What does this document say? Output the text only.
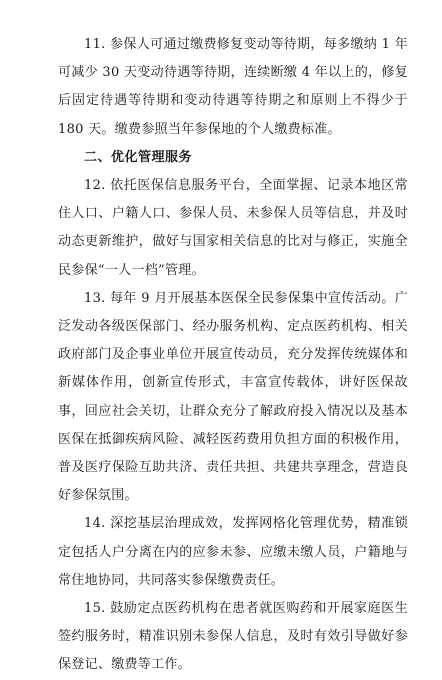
11. 参保人可通过缴费修复变动等待期，每多缴纳 1 年可减少 30 天变动待遇等待期，连续断缴 4 年以上的，修复后固定待遇等待期和变动待遇等待期之和原则上不得少于 180 天。缴费参照当年参保地的个人缴费标准。

二、优化管理服务

12. 依托医保信息服务平台，全面掌握、记录本地区常住人口、户籍人口、参保人员、未参保人员等信息，并及时动态更新维护，做好与国家相关信息的比对与修正，实施全民参保“一人一档”管理。

13. 每年 9 月开展基本医保全民参保集中宣传活动。广泛发动各级医保部门、经办服务机构、定点医药机构、相关政府部门及企事业单位开展宣传动员，充分发挥传统媒体和新媒体作用，创新宣传形式，丰富宣传载体，讲好医保故事，回应社会关切，让群众充分了解政府投入情况以及基本医保在抵御疾病风险、减轻医药费用负担方面的积极作用，普及医疗保险互助共济、责任共担、共建共享理念，营造良好参保氛围。

14. 深挖基层治理成效，发挥网格化管理优势，精准锁定包括人户分离在内的应参未参、应缴未缴人员，户籍地与常住地协同，共同落实参保缴费责任。

15. 鼓励定点医药机构在患者就医购药和开展家庭医生签约服务时，精准识别未参保人信息，及时有效引导做好参保登记、缴费等工作。
